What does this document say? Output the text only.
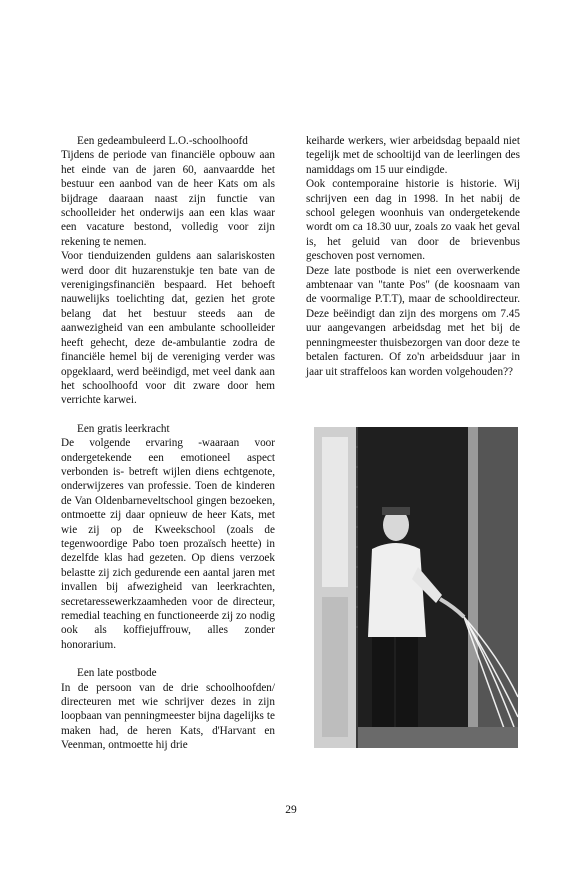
Een gedeambuleerd L.O.-schoolhoofd

Tijdens de periode van financiële opbouw aan het einde van de jaren 60, aanvaardde het bestuur een aanbod van de heer Kats om als bijdrage daaraan naast zijn functie van schoolleider het onderwijs aan een klas waar een vacature bestond, volledig voor zijn rekening te nemen.

Voor tienduizenden guldens aan salariskosten werd door dit huzarenstukje ten bate van de verenigingsfinanciën bespaard. Het behoeft nauwelijks toelichting dat, gezien het grote belang dat het bestuur steeds aan de aanwezigheid van een ambulante schoolleider heeft gehecht, deze de-ambulantie zodra de financiële hemel bij de vereniging verder was opgeklaard, werd beëindigd, met veel dank aan het schoolhoofd voor dit zware door hem verrichte karwei.

Een gratis leerkracht

De volgende ervaring -waaraan voor ondergetekende een emotioneel aspect verbonden is- betreft wijlen diens echtgenote, onderwijzeres van professie. Toen de kinderen de Van Oldenbarneveltschool gingen bezoeken, ontmoette zij daar opnieuw de heer Kats, met wie zij op de Kweekschool (zoals de tegenwoordige Pabo toen prozaïsch heette) in dezelfde klas had gezeten. Op diens verzoek belastte zij zich gedurende een aantal jaren met invallen bij afwezigheid van leerkrachten, secretaressewerkzaamheden voor de directeur, remedial teaching en functioneerde zij zo nodig ook als koffiejuffrouw, alles zonder honorarium.

Een late postbode

In de persoon van de drie schoolhoofden/ directeuren met wie schrijver dezes in zijn loopbaan van penningmeester bijna dagelijks te maken had, de heren Kats, d'Harvant en Veenman, ontmoette hij drie

keiharde werkers, wier arbeidsdag bepaald niet tegelijk met de schooltijd van de leerlingen des namiddags om 15 uur eindigde.

Ook contemporaine historie is historie. Wij schrijven een dag in 1998. In het nabij de school gelegen woonhuis van ondergetekende wordt om ca 18.30 uur, zoals zo vaak het geval is, het geluid van door de brievenbus geschoven post vernomen.

Deze late postbode is niet een overwerkende ambtenaar van "tante Pos" (de koosnaam van de voormalige P.T.T), maar de schooldirecteur. Deze beëindigt dan zijn des morgens om 7.45 uur aangevangen arbeidsdag met het bij de penningmeester thuisbezorgen van door deze te betalen facturen. Of zo'n arbeidsduur jaar in jaar uit straffeloos kan worden volgehouden??

29
